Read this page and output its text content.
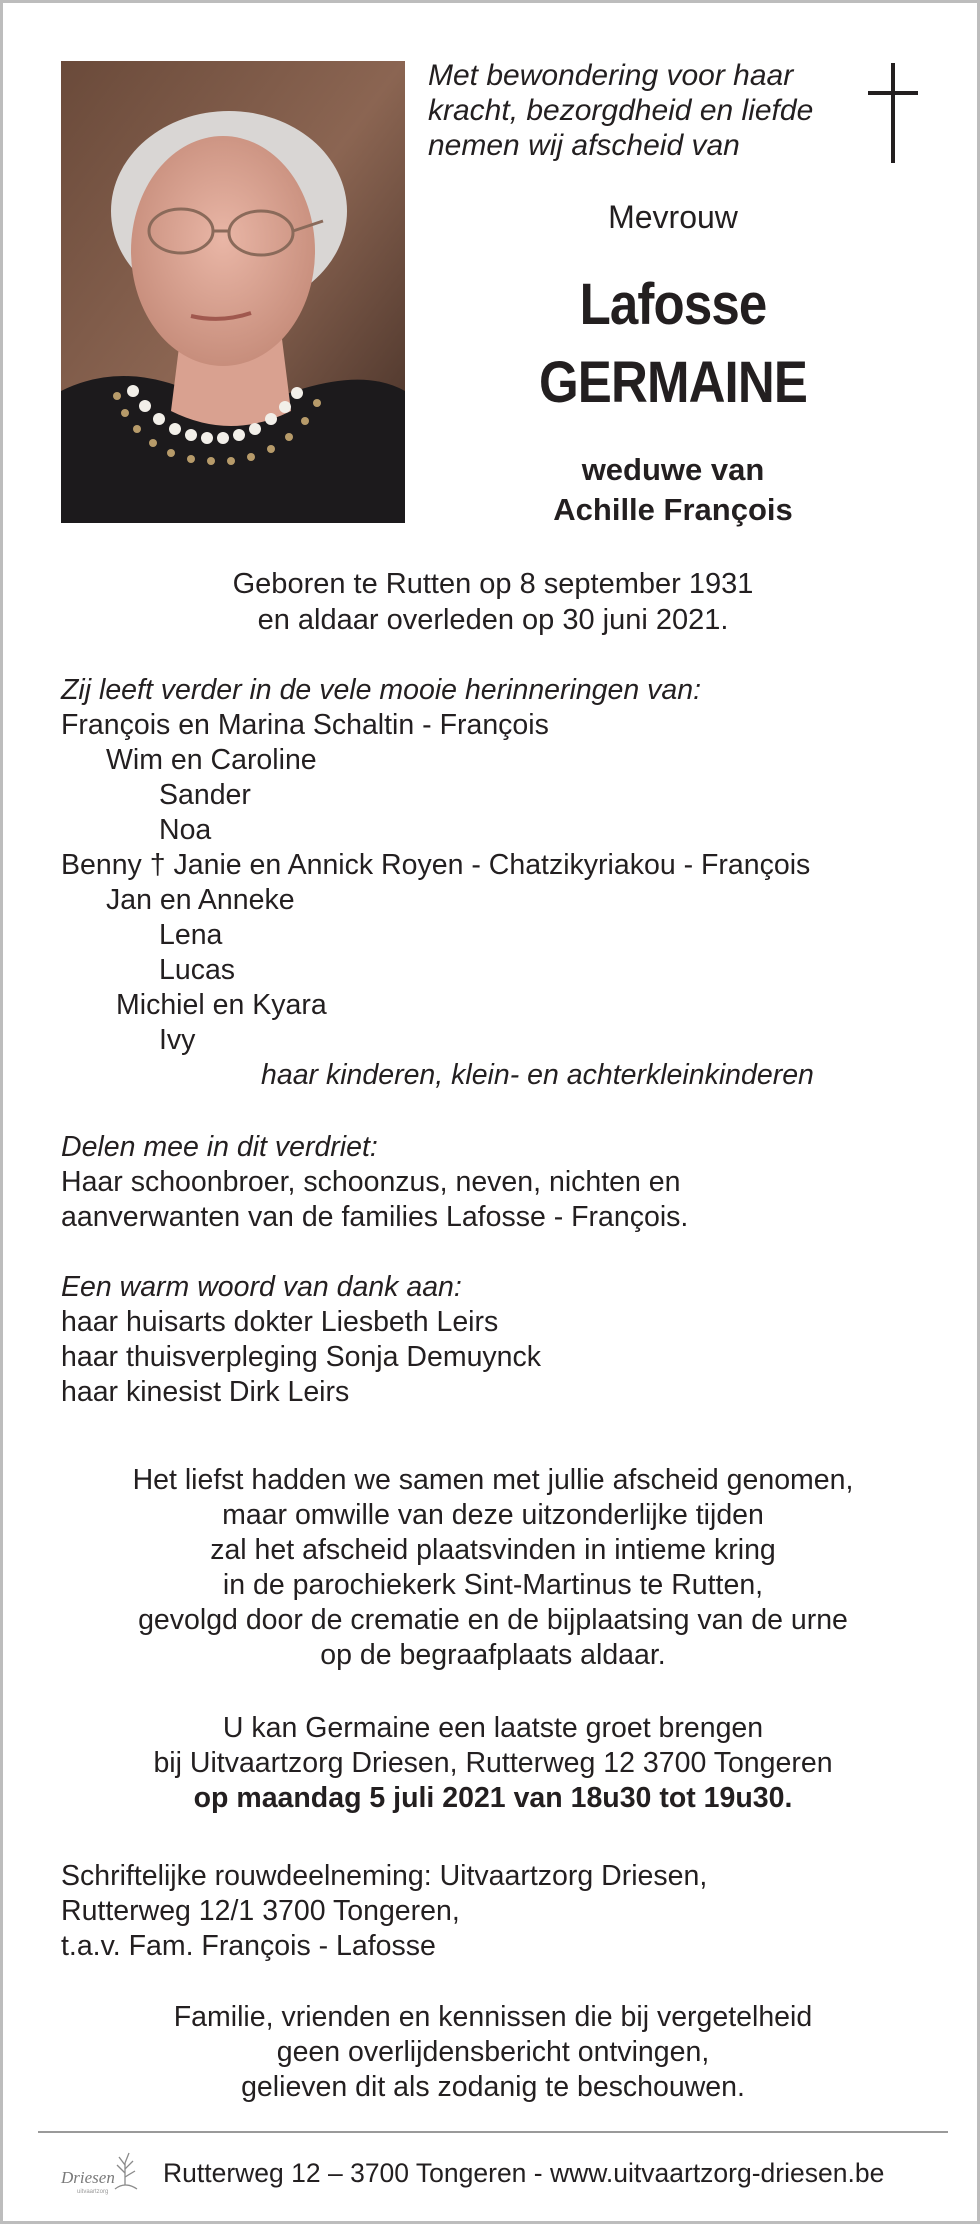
Met bewondering voor haar
kracht, bezorgdheid en liefde
nemen wij afscheid van
Mevrouw
Lafosse
GERMAINE
weduwe van
Achille François
Geboren te Rutten op 8 september 1931
en aldaar overleden op 30 juni 2021.
Zij leeft verder in de vele mooie herinneringen van:
François en Marina Schaltin - François
Wim en Caroline
Sander
Noa
Benny † Janie en Annick Royen - Chatzikyriakou - François
Jan en Anneke
Lena
Lucas
Michiel en Kyara
Ivy
haar kinderen, klein- en achterkleinkinderen
Delen mee in dit verdriet:
Haar schoonbroer, schoonzus, neven, nichten en
aanverwanten van de families Lafosse - François.
Een warm woord van dank aan:
haar huisarts dokter Liesbeth Leirs
haar thuisverpleging Sonja Demuynck
haar kinesist Dirk Leirs
Het liefst hadden we samen met jullie afscheid genomen,
maar omwille van deze uitzonderlijke tijden
zal het afscheid plaatsvinden in intieme kring
in de parochiekerk Sint-Martinus te Rutten,
gevolgd door de crematie en de bijplaatsing van de urne
op de begraafplaats aldaar.
U kan Germaine een laatste groet brengen
bij Uitvaartzorg Driesen, Rutterweg 12 3700 Tongeren
op maandag 5 juli 2021 van 18u30 tot 19u30.
Schriftelijke rouwdeelneming: Uitvaartzorg Driesen,
Rutterweg 12/1 3700 Tongeren,
t.a.v. Fam. François - Lafosse
Familie, vrienden en kennissen die bij vergetelheid
geen overlijdensbericht ontvingen,
gelieven dit als zodanig te beschouwen.
Driesen
uitvaartzorg
Rutterweg 12 – 3700 Tongeren - www.uitvaartzorg-driesen.be
